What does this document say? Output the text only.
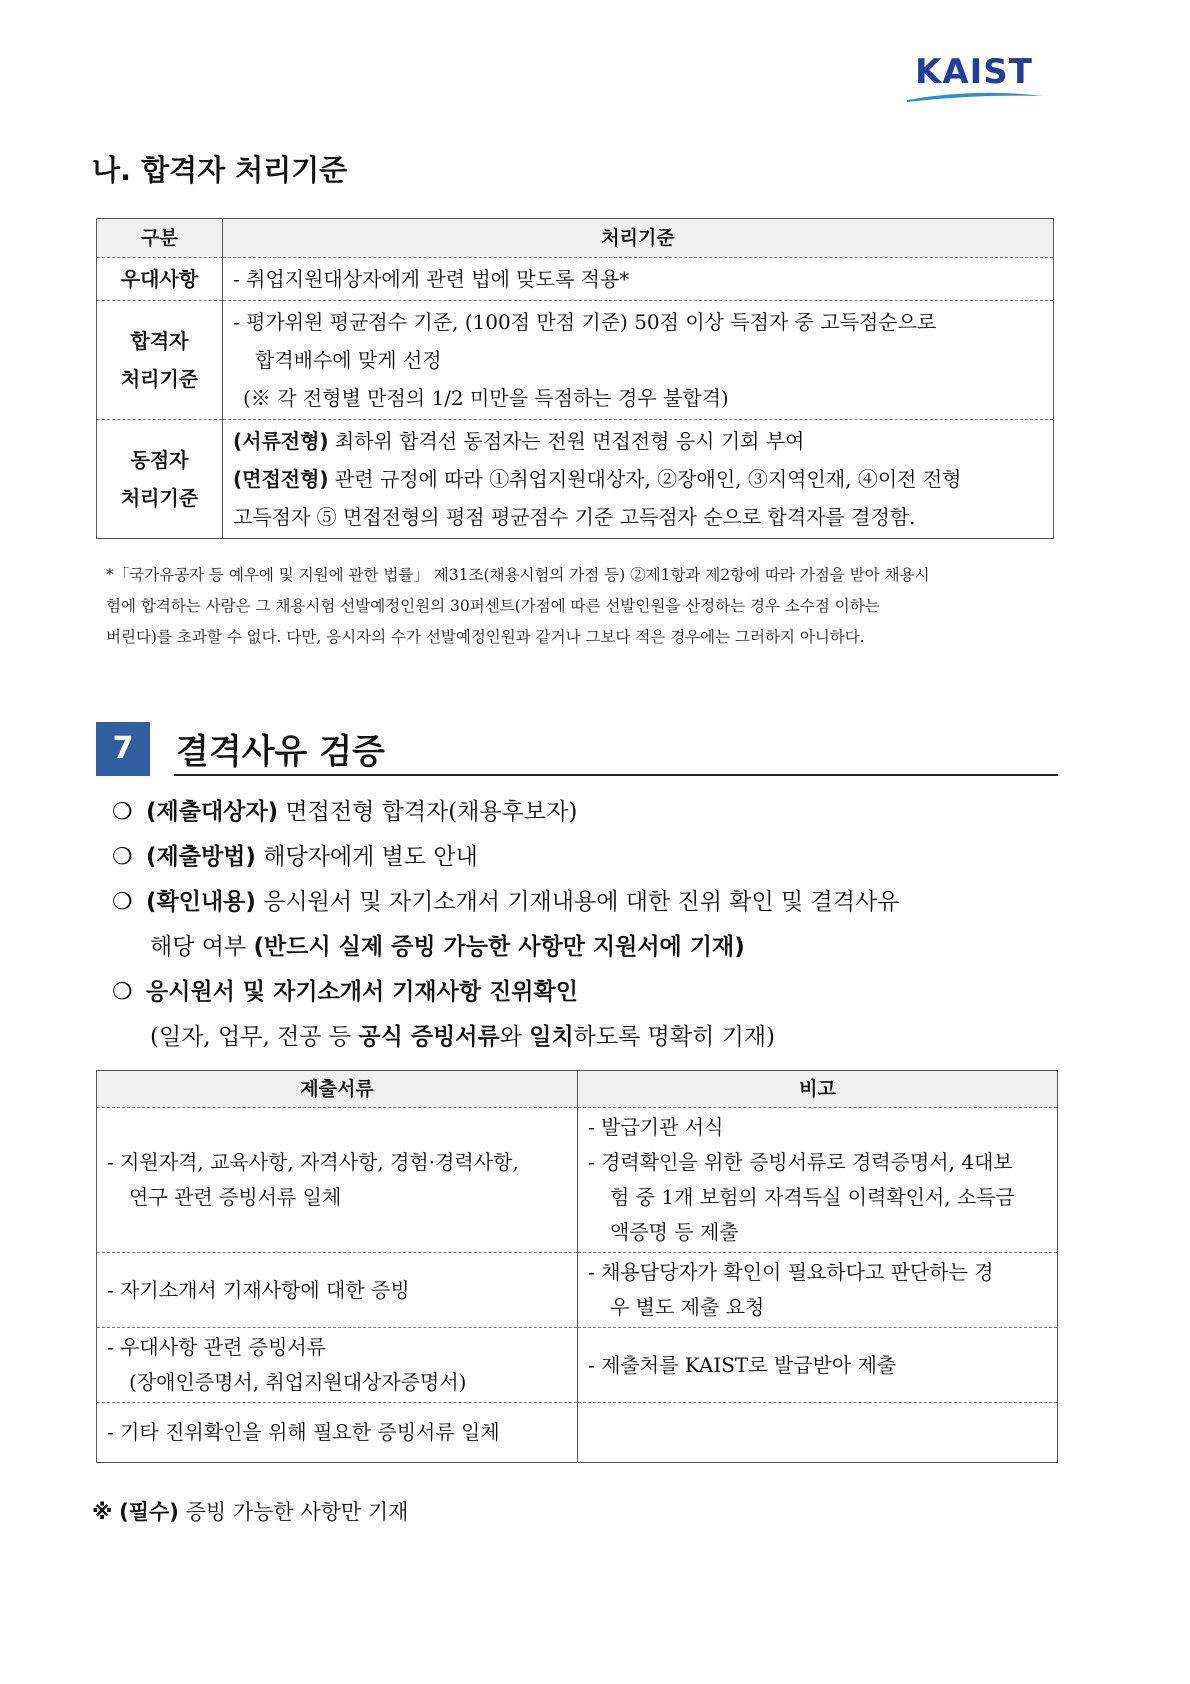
KAIST
나. 합격자 처리기준
구분	처리기준
우대사항	- 취업지원대상자에게 관련 법에 맞도록 적용*
합격자
처리기준	- 평가위원 평균점수 기준, (100점 만점 기준) 50점 이상 득점자 중 고득점순으로
합격배수에 맞게 선정
(※ 각 전형별 만점의 1/2 미만을 득점하는 경우 불합격)

동점자
처리기준	(서류전형) 최하위 합격선 동점자는 전원 면접전형 응시 기회 부여
(면접전형) 관련 규정에 따라 ①취업지원대상자, ②장애인, ③지역인재, ④이전 전형
고득점자 ⑤ 면접전형의 평점 평균점수 기준 고득점자 순으로 합격자를 결정함.
*「국가유공자 등 예우에 및 지원에 관한 법률」 제31조(채용시험의 가점 등) ②제1항과 제2항에 따라 가점을 받아 채용시
험에 합격하는 사람은 그 채용시험 선발예정인원의 30퍼센트(가점에 따른 선발인원을 산정하는 경우 소수점 이하는
버린다)를 초과할 수 없다. 다만, 응시자의 수가 선발예정인원과 같거나 그보다 적은 경우에는 그러하지 아니하다.
7	결격사유 검증
❍ (제출대상자) 면접전형 합격자(채용후보자)
❍ (제출방법) 해당자에게 별도 안내
❍ (확인내용) 응시원서 및 자기소개서 기재내용에 대한 진위 확인 및 결격사유
해당 여부 (반드시 실제 증빙 가능한 사항만 지원서에 기재)
❍ 응시원서 및 자기소개서 기재사항 진위확인
(일자, 업무, 전공 등 공식 증빙서류와 일치하도록 명확히 기재)
제출서류	비고

- 지원자격, 교육사항, 자격사항, 경험·경력사항,
연구 관련 증빙서류 일체	- 발급기관 서식
- 경력확인을 위한 증빙서류로 경력증명서, 4대보
험 중 1개 보험의 자격득실 이력확인서, 소득금
액증명 등 제출

- 자기소개서 기재사항에 대한 증빙	- 채용담당자가 확인이 필요하다고 판단하는 경
우 별도 제출 요청

- 우대사항 관련 증빙서류
(장애인증명서, 취업지원대상자증명서)	- 제출처를 KAIST로 발급받아 제출

- 기타 진위확인을 위해 필요한 증빙서류 일체	

※ (필수) 증빙 가능한 사항만 기재
